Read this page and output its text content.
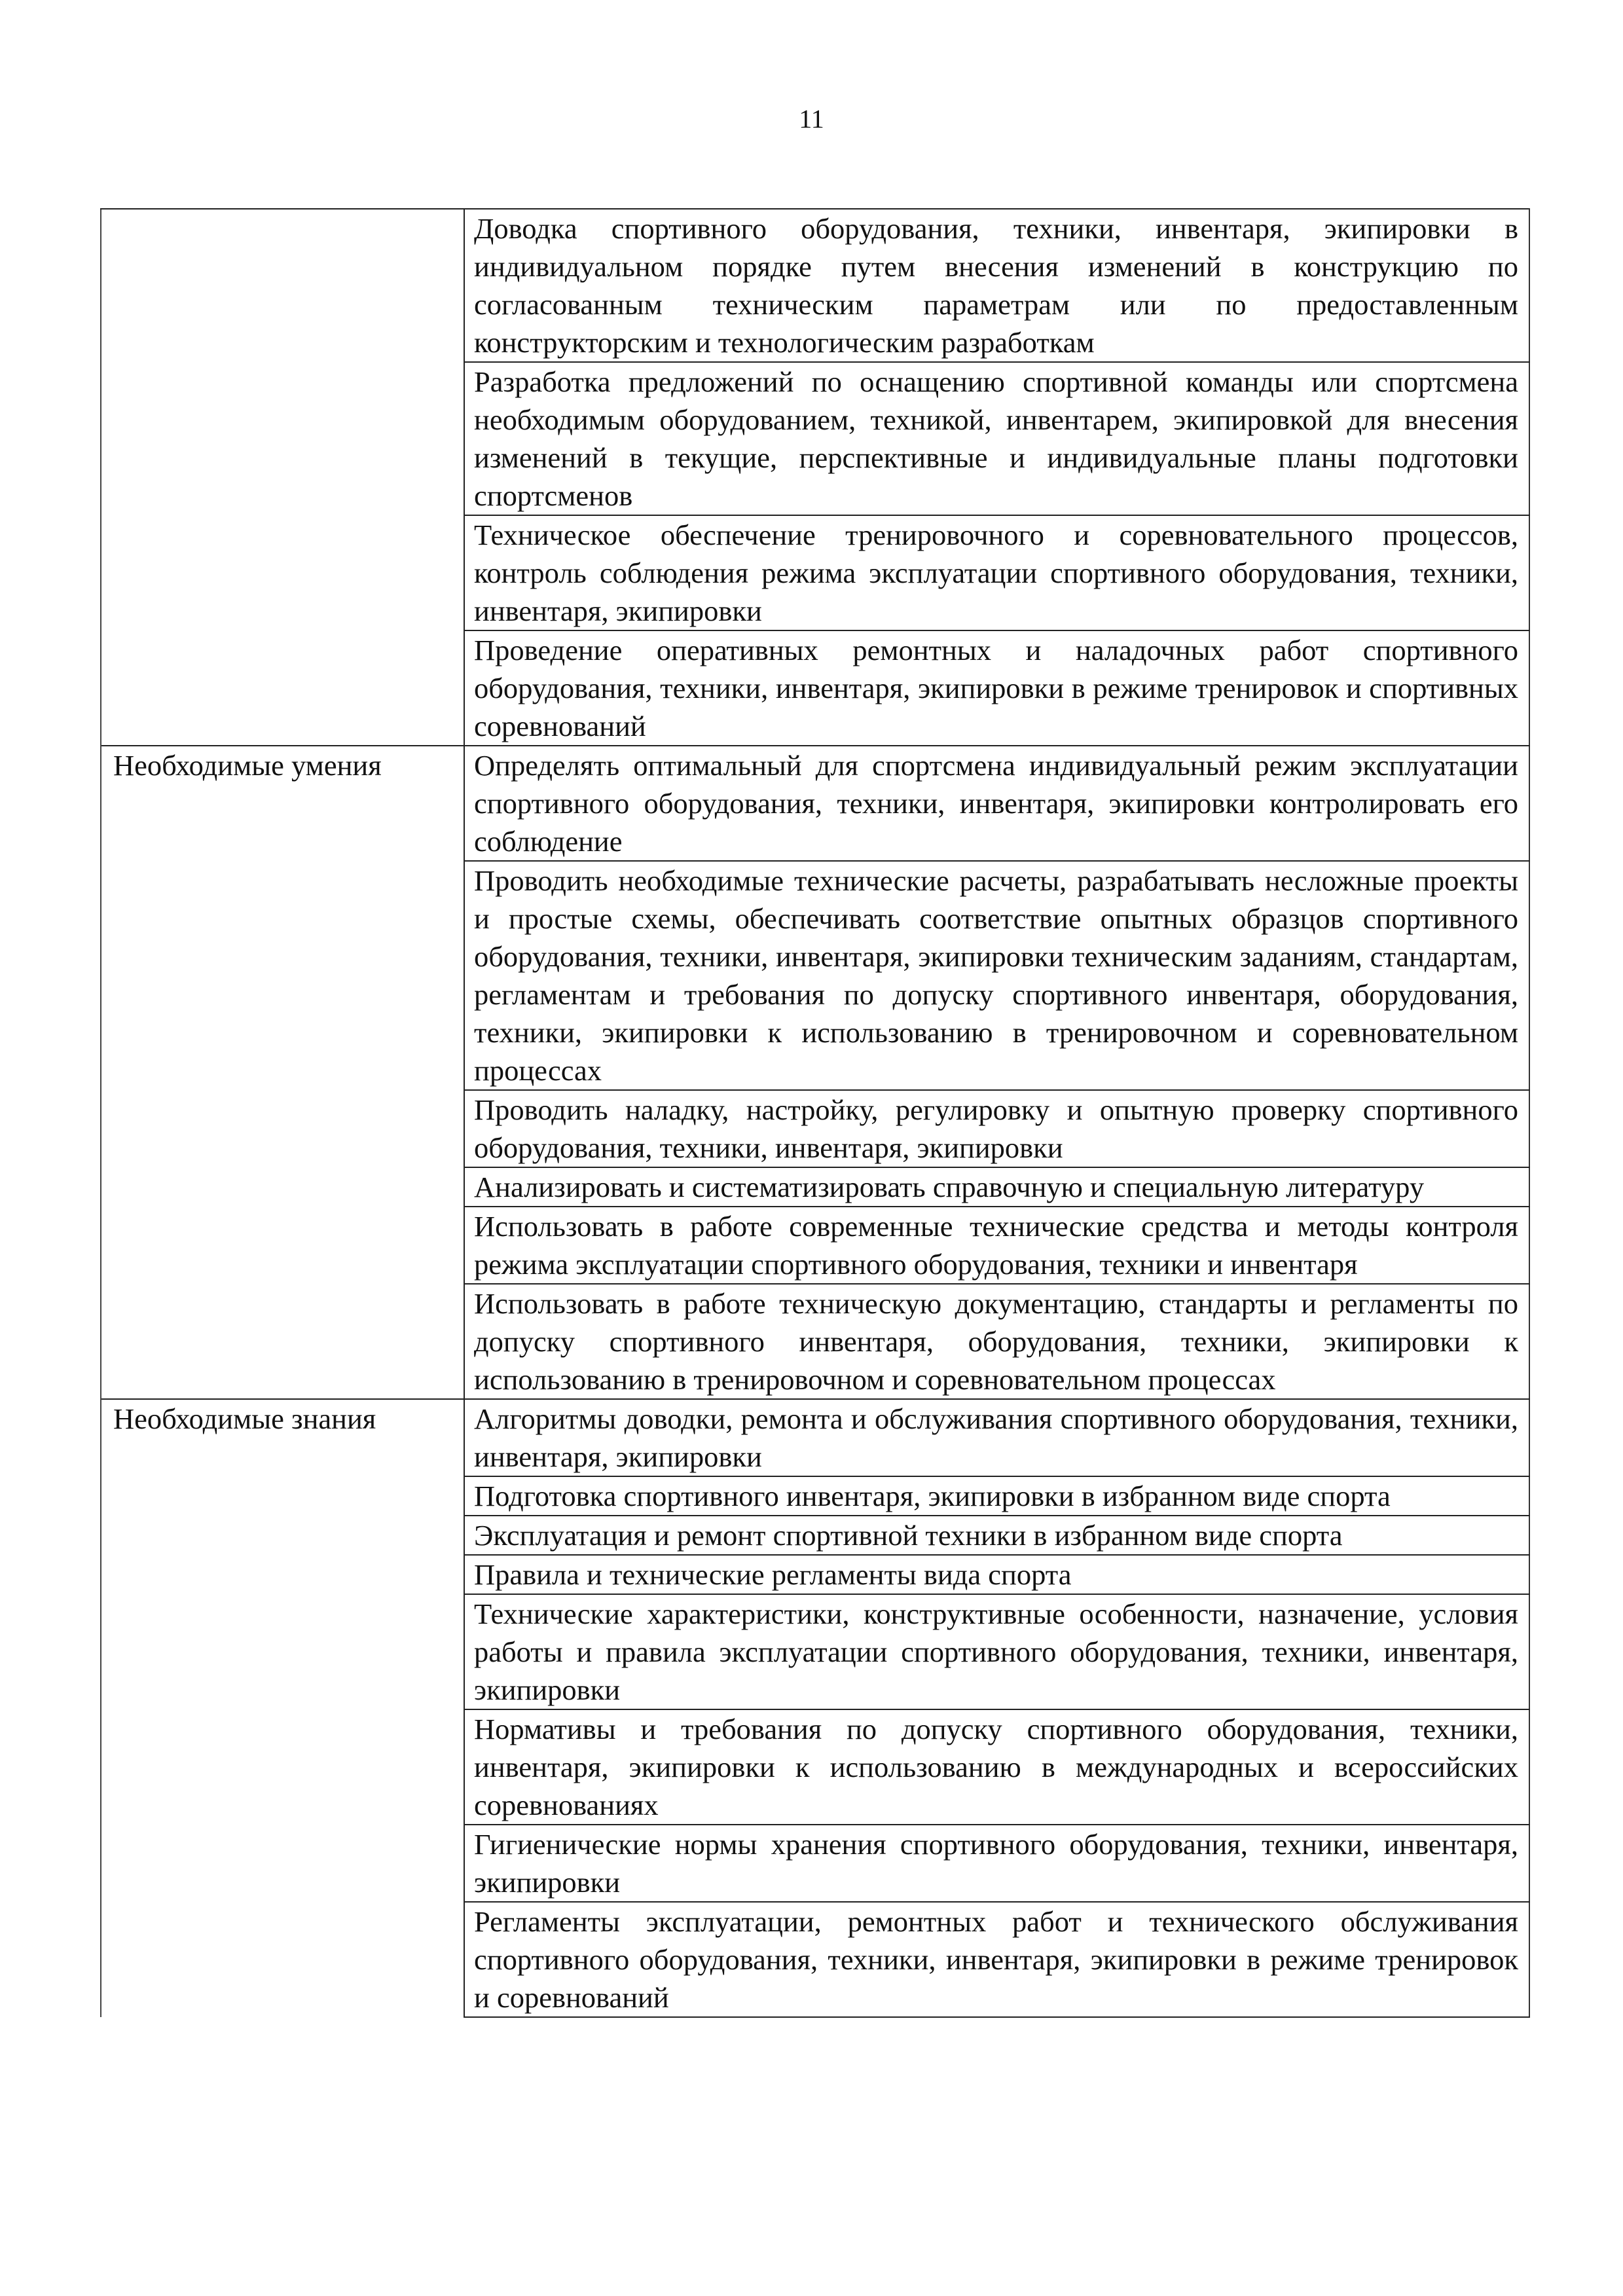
11
	Доводка спортивного оборудования, техники, инвентаря, экипировки в индивидуальном порядке путем внесения изменений в конструкцию по согласованным техническим параметрам или по предоставленным конструкторским и технологическим разработкам
	Разработка предложений по оснащению спортивной команды или спортсмена необходимым оборудованием, техникой, инвентарем, экипировкой для внесения изменений в текущие, перспективные и индивидуальные планы подготовки спортсменов
	Техническое обеспечение тренировочного и соревновательного процессов, контроль соблюдения режима эксплуатации спортивного оборудования, техники, инвентаря, экипировки
	Проведение оперативных ремонтных и наладочных работ спортивного оборудования, техники, инвентаря, экипировки в режиме тренировок и спортивных соревнований
Необходимые умения	Определять оптимальный для спортсмена индивидуальный режим эксплуатации спортивного оборудования, техники, инвентаря, экипировки контролировать его соблюдение
	Проводить необходимые технические расчеты, разрабатывать несложные проекты и простые схемы, обеспечивать соответствие опытных образцов спортивного оборудования, техники, инвентаря, экипировки техническим заданиям, стандартам, регламентам и требования по допуску спортивного инвентаря, оборудования, техники, экипировки к использованию в тренировочном и соревновательном процессах
	Проводить наладку, настройку, регулировку и опытную проверку спортивного оборудования, техники, инвентаря, экипировки
	Анализировать и систематизировать справочную и специальную литературу
	Использовать в работе современные технические средства и методы контроля режима эксплуатации спортивного оборудования, техники и инвентаря
	Использовать в работе техническую документацию, стандарты и регламенты по допуску спортивного инвентаря, оборудования, техники, экипировки к использованию в тренировочном и соревновательном процессах
Необходимые знания	Алгоритмы доводки, ремонта и обслуживания спортивного оборудования, техники, инвентаря, экипировки
	Подготовка спортивного инвентаря, экипировки в избранном виде спорта
	Эксплуатация и ремонт спортивной техники в избранном виде спорта
	Правила и технические регламенты вида спорта
	Технические характеристики, конструктивные особенности, назначение, условия работы и правила эксплуатации спортивного оборудования, техники, инвентаря, экипировки
	Нормативы и требования по допуску спортивного оборудования, техники, инвентаря, экипировки к использованию в международных и всероссийских соревнованиях
	Гигиенические нормы хранения спортивного оборудования, техники, инвентаря, экипировки
	Регламенты эксплуатации, ремонтных работ и технического обслуживания спортивного оборудования, техники, инвентаря, экипировки в режиме тренировок и соревнований
